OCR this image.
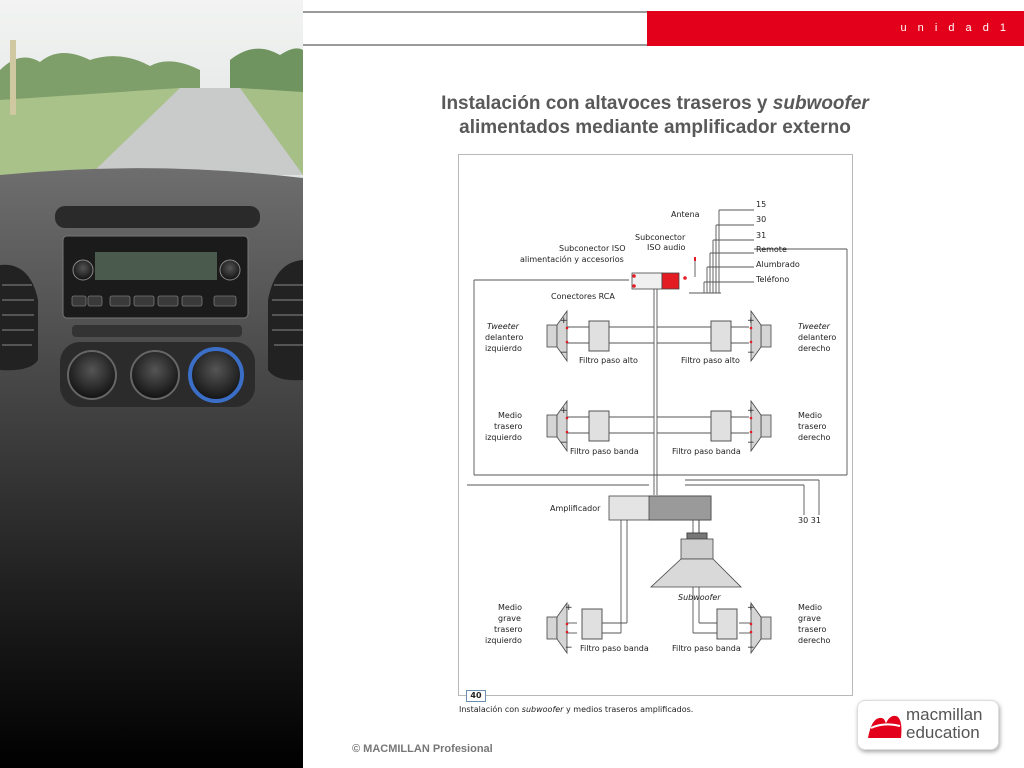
u n i d a d 1
Instalación con altavoces traseros y subwoofer
alimentados mediante amplificador externo
+
−
+
−
+
−
+
−
+
−
+
−
15
30
31
Remote
Alumbrado
Teléfono
Antena
Subconector
ISO audio
Subconector ISO
alimentación y accesorios
Conectores RCA
Tweeter
delantero
izquierdo
Tweeter
delantero
derecho
Filtro paso alto	Filtro paso alto
Medio
trasero
izquierdo
Medio
trasero
derecho
Filtro paso banda	Filtro paso banda
Amplificador
30 31
Subwoofer
Medio
grave
trasero
izquierdo
Medio
grave
trasero
derecho
Filtro paso banda	Filtro paso banda
40
Instalación con subwoofer y medios traseros amplificados.
© MACMILLAN Profesional
macmillan
education
